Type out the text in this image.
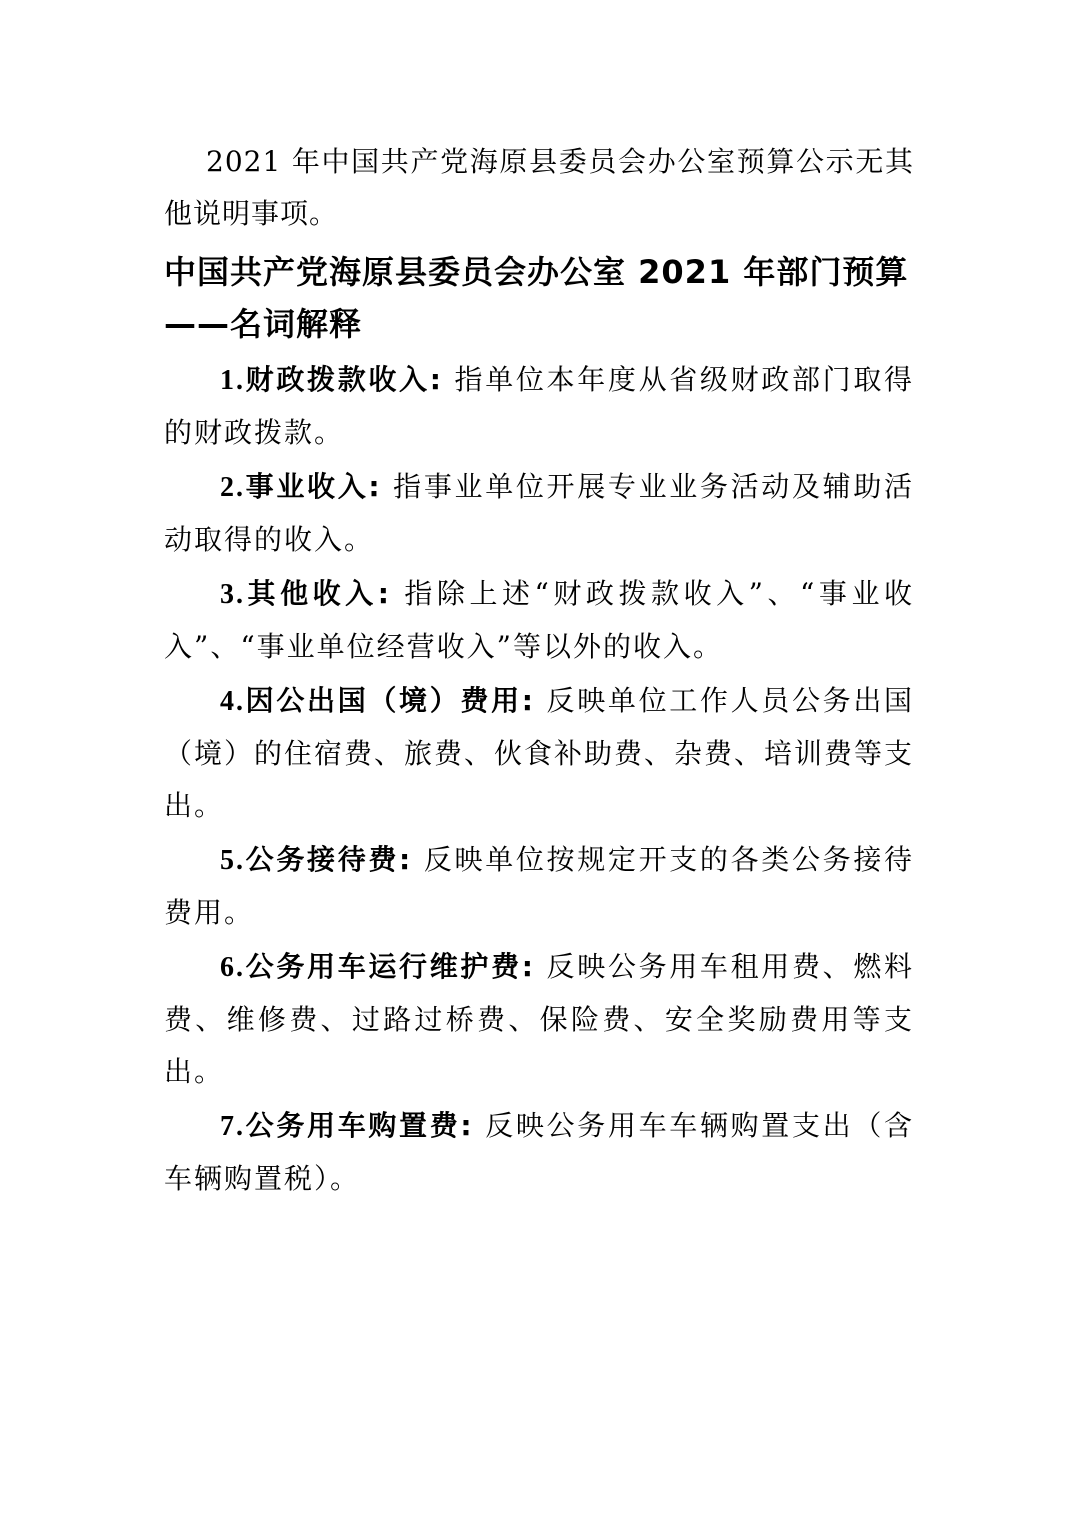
2021 年中国共产党海原县委员会办公室预算公示无其他说明事项。

中国共产党海原县委员会办公室 2021 年部门预算——名词解释

1.财政拨款收入: 指单位本年度从省级财政部门取得的财政拨款。

2.事业收入: 指事业单位开展专业业务活动及辅助活动取得的收入。

3.其他收入: 指除上述“财政拨款收入”、“事业收入”、“事业单位经营收入”等以外的收入。

4.因公出国（境）费用: 反映单位工作人员公务出国（境）的住宿费、旅费、伙食补助费、杂费、培训费等支出。

5.公务接待费: 反映单位按规定开支的各类公务接待费用。

6.公务用车运行维护费: 反映公务用车租用费、燃料费、维修费、过路过桥费、保险费、安全奖励费用等支出。

7.公务用车购置费: 反映公务用车车辆购置支出（含车辆购置税）。
